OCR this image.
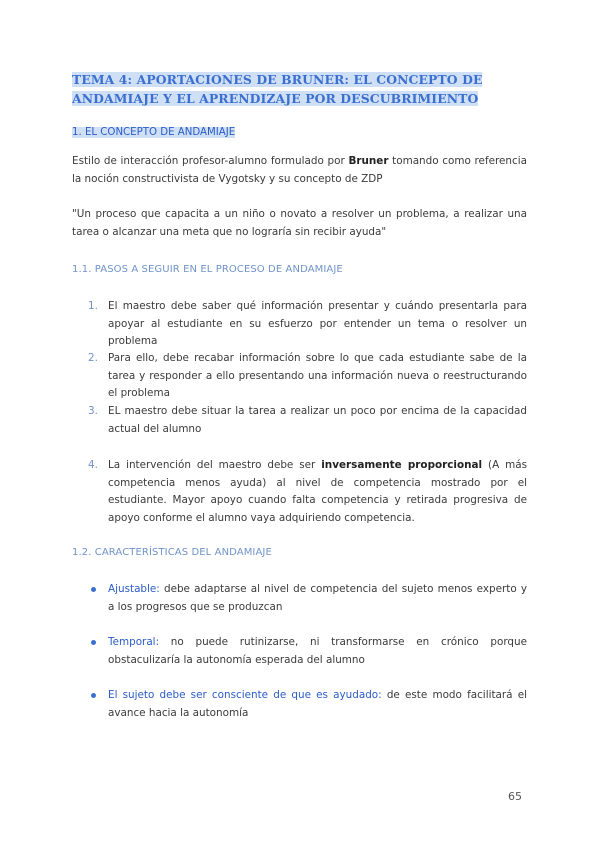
TEMA 4: APORTACIONES DE BRUNER: EL CONCEPTO DE ANDAMIAJE Y EL APRENDIZAJE POR DESCUBRIMIENTO
1. EL CONCEPTO DE ANDAMIAJE
Estilo de interacción profesor-alumno formulado por Bruner tomando como referencia la noción constructivista de Vygotsky y su concepto de ZDP
"Un proceso que capacita a un niño o novato a resolver un problema, a realizar una tarea o alcanzar una meta que no lograría sin recibir ayuda"
1.1. PASOS A SEGUIR EN EL PROCESO DE ANDAMIAJE
1. El maestro debe saber qué información presentar y cuándo presentarla para apoyar al estudiante en su esfuerzo por entender un tema o resolver un problema
2. Para ello, debe recabar información sobre lo que cada estudiante sabe de la tarea y responder a ello presentando una información nueva o reestructurando el problema
3. EL maestro debe situar la tarea a realizar un poco por encima de la capacidad actual del alumno
4. La intervención del maestro debe ser inversamente proporcional (A más competencia menos ayuda) al nivel de competencia mostrado por el estudiante. Mayor apoyo cuando falta competencia y retirada progresiva de apoyo conforme el alumno vaya adquiriendo competencia.
1.2. CARACTERÍSTICAS DEL ANDAMIAJE
Ajustable: debe adaptarse al nivel de competencia del sujeto menos experto y a los progresos que se produzcan
Temporal: no puede rutinizarse, ni transformarse en crónico porque obstaculizaría la autonomía esperada del alumno
El sujeto debe ser consciente de que es ayudado: de este modo facilitará el avance hacia la autonomía
65
